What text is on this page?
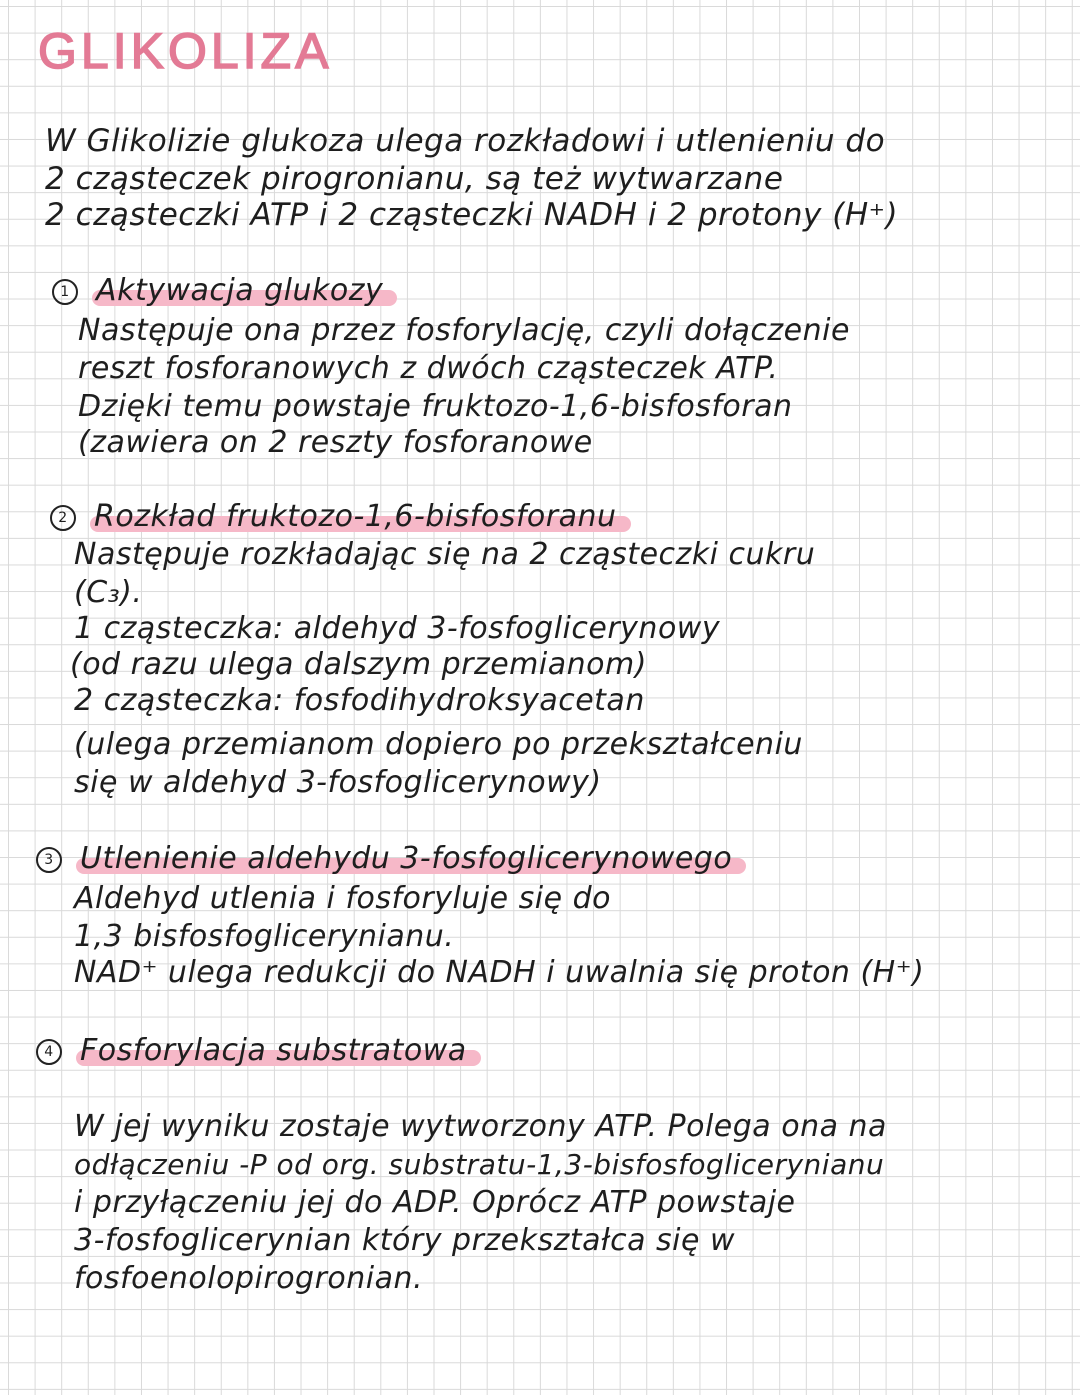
GLIKOLIZA
W Glikolizie glukoza ulega rozkładowi i utlenieniu do
2 cząsteczek pirogronianu, są też wytwarzane
2 cząsteczki ATP i 2 cząsteczki NADH i 2 protony (H⁺)
1 Aktywacja glukozy
Następuje ona przez fosforylację, czyli dołączenie
reszt fosforanowych z dwóch cząsteczek ATP.
Dzięki temu powstaje fruktozo-1,6-bisfosforan
(zawiera on 2 reszty fosforanowe
2 Rozkład fruktozo-1,6-bisfosforanu
Następuje rozkładając się na 2 cząsteczki cukru
(C₃).
1 cząsteczka: aldehyd 3-fosfoglicerynowy
(od razu ulega dalszym przemianom)
2 cząsteczka: fosfodihydroksyacetan
(ulega przemianom dopiero po przekształceniu
się w aldehyd 3-fosfoglicerynowy)
3 Utlenienie aldehydu 3-fosfoglicerynowego
Aldehyd utlenia i fosforyluje się do
1,3 bisfosfoglicerynianu.
NAD⁺ ulega redukcji do NADH i uwalnia się proton (H⁺)
4 Fosforylacja substratowa
W jej wyniku zostaje wytworzony ATP. Polega ona na
odłączeniu -P od org. substratu-1,3-bisfosfoglicerynianu
i przyłączeniu jej do ADP. Oprócz ATP powstaje
3-fosfoglicerynian który przekształca się w
fosfoenolopirogronian.
